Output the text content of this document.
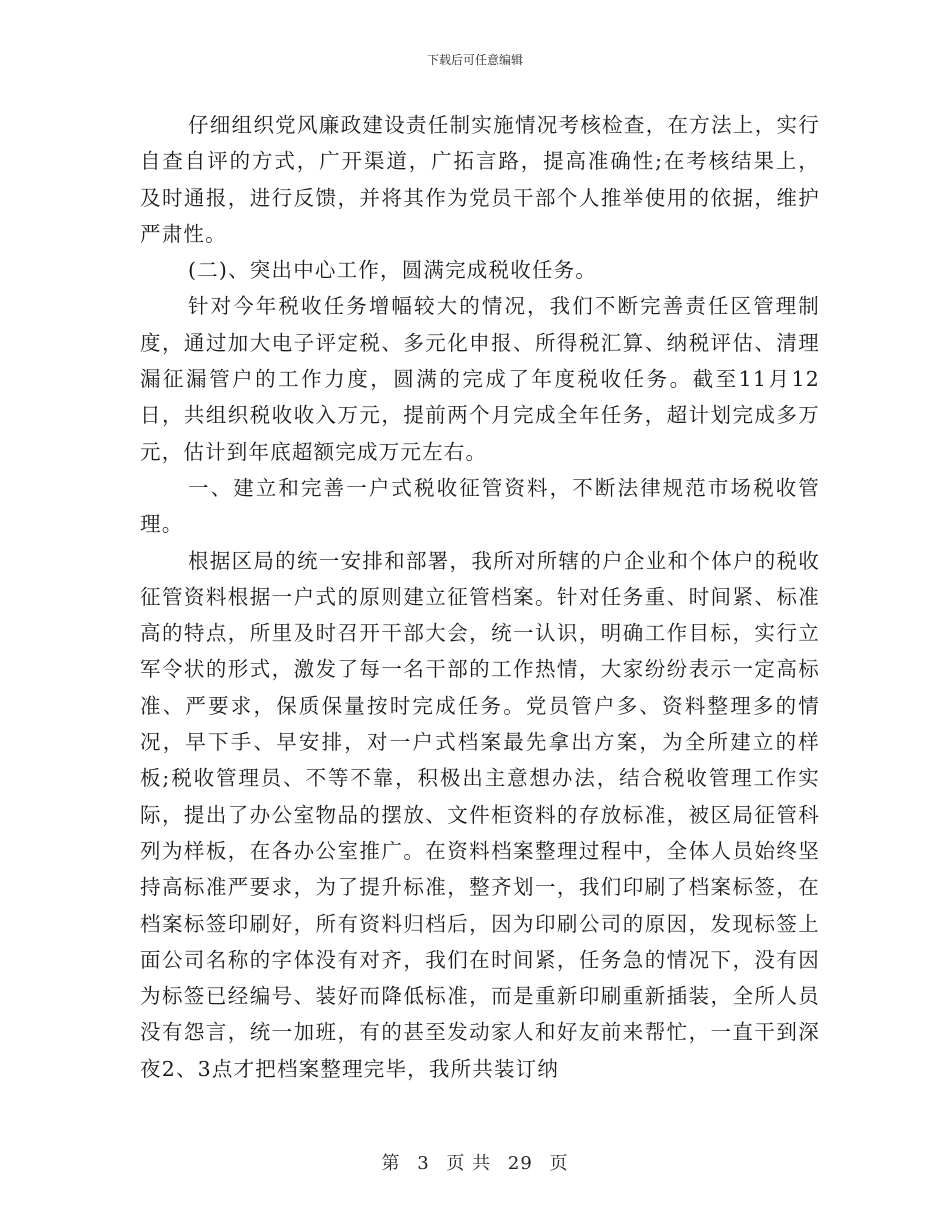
下载后可任意编辑

仔细组织党风廉政建设责任制实施情况考核检查，在方法上，实行自查自评的方式，广开渠道，广拓言路，提高准确性;在考核结果上，及时通报，进行反馈，并将其作为党员干部个人推举使用的依据，维护严肃性。

(二)、突出中心工作，圆满完成税收任务。

针对今年税收任务增幅较大的情况，我们不断完善责任区管理制度，通过加大电子评定税、多元化申报、所得税汇算、纳税评估、清理漏征漏管户的工作力度，圆满的完成了年度税收任务。截至11月12日，共组织税收收入万元，提前两个月完成全年任务，超计划完成多万元，估计到年底超额完成万元左右。

一、建立和完善一户式税收征管资料，不断法律规范市场税收管理。

根据区局的统一安排和部署，我所对所辖的户企业和个体户的税收征管资料根据一户式的原则建立征管档案。针对任务重、时间紧、标准高的特点，所里及时召开干部大会，统一认识，明确工作目标，实行立军令状的形式，激发了每一名干部的工作热情，大家纷纷表示一定高标准、严要求，保质保量按时完成任务。党员管户多、资料整理多的情况，早下手、早安排，对一户式档案最先拿出方案，为全所建立的样板;税收管理员、不等不靠，积极出主意想办法，结合税收管理工作实际，提出了办公室物品的摆放、文件柜资料的存放标准，被区局征管科列为样板，在各办公室推广。在资料档案整理过程中，全体人员始终坚持高标准严要求，为了提升标准，整齐划一，我们印刷了档案标签，在档案标签印刷好，所有资料归档后，因为印刷公司的原因，发现标签上面公司名称的字体没有对齐，我们在时间紧，任务急的情况下，没有因为标签已经编号、装好而降低标准，而是重新印刷重新插装，全所人员没有怨言，统一加班，有的甚至发动家人和好友前来帮忙，一直干到深夜2、3点才把档案整理完毕，我所共装订纳

第 3 页 共 29 页
